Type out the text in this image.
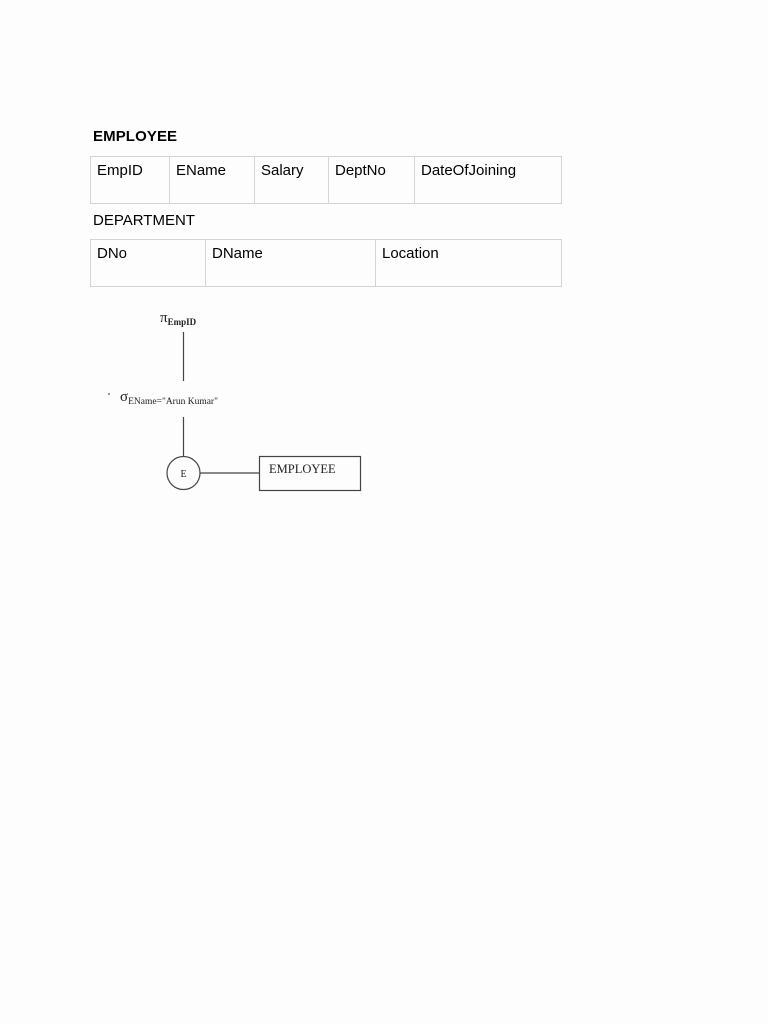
EMPLOYEE
EmpID	EName	Salary	DeptNo	DateOfJoining
DEPARTMENT
DNo	DName	Location
$\pi_{EmpID}$
$\sigma_{EName="Arun Kumar"}$
E	EMPLOYEE
